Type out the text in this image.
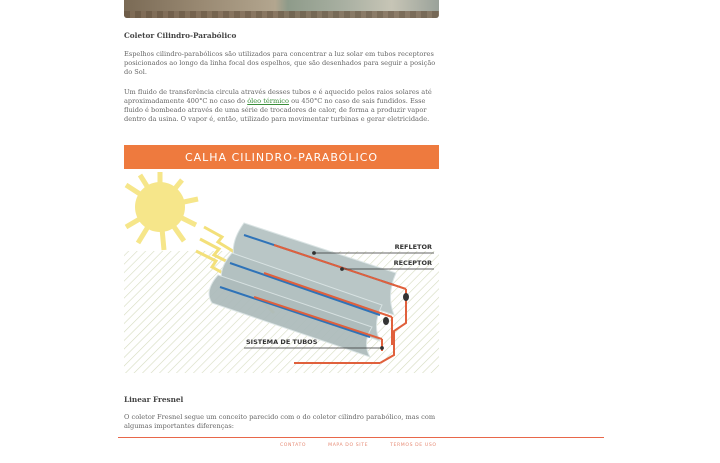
Coletor Cilindro-Parabólico

Espelhos cilindro-parabólicos são utilizados para concentrar a luz solar em tubos receptores posicionados ao longo da linha focal dos espelhos, que são desenhados para seguir a posição do Sol.

Um fluido de transferência circula através desses tubos e é aquecido pelos raios solares até aproximadamente 400°C no caso do óleo térmico ou 450°C no caso de sais fundidos. Esse fluido é bombeado através de uma série de trocadores de calor, de forma a produzir vapor dentro da usina. O vapor é, então, utilizado para movimentar turbinas e gerar eletricidade.

CALHA CILINDRO-PARABÓLICO
REFLETOR
RECEPTOR
SISTEMA DE TUBOS
Linear Fresnel

O coletor Fresnel segue um conceito parecido com o do coletor cilindro parabólico, mas com algumas importantes diferenças:

CONTATO	MAPA DO SITE	TERMOS DE USO
